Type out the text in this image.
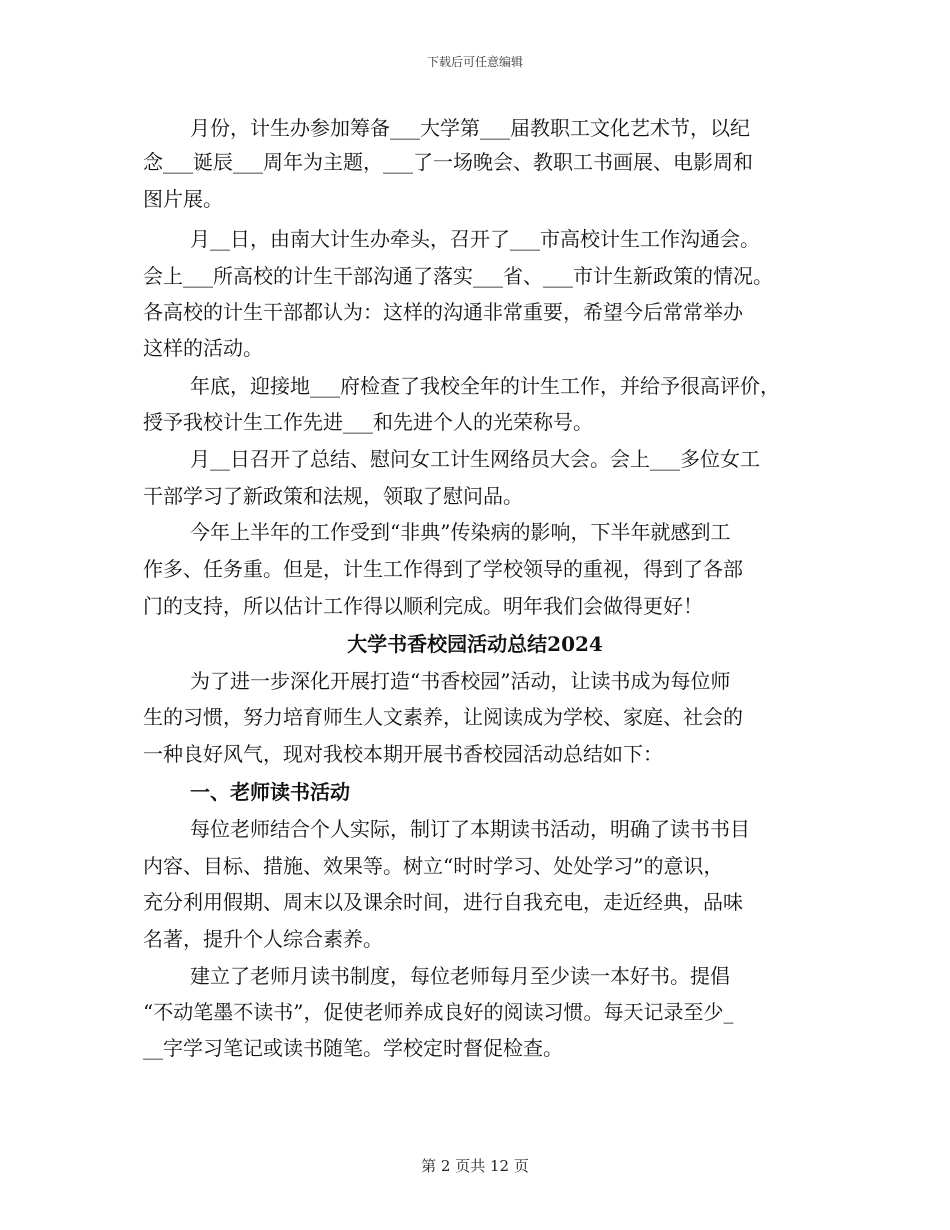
下载后可任意编辑
月份，计生办参加筹备___大学第___届教职工文化艺术节，以纪
念___诞辰___周年为主题，___了一场晚会、教职工书画展、电影周和
图片展。
月__日，由南大计生办牵头，召开了___市高校计生工作沟通会。
会上___所高校的计生干部沟通了落实___省、___市计生新政策的情况。
各高校的计生干部都认为：这样的沟通非常重要，希望今后常常举办
这样的活动。
年底，迎接地___府检查了我校全年的计生工作，并给予很高评价，
授予我校计生工作先进___和先进个人的光荣称号。
月__日召开了总结、慰问女工计生网络员大会。会上___多位女工
干部学习了新政策和法规，领取了慰问品。
今年上半年的工作受到“非典”传染病的影响，下半年就感到工
作多、任务重。但是，计生工作得到了学校领导的重视，得到了各部
门的支持，所以估计工作得以顺利完成。明年我们会做得更好！
大学书香校园活动总结2024
为了进一步深化开展打造“书香校园”活动，让读书成为每位师
生的习惯，努力培育师生人文素养，让阅读成为学校、家庭、社会的
一种良好风气，现对我校本期开展书香校园活动总结如下：
一、老师读书活动
每位老师结合个人实际，制订了本期读书活动，明确了读书书目
内容、目标、措施、效果等。树立“时时学习、处处学习”的意识，
充分利用假期、周末以及课余时间，进行自我充电，走近经典，品味
名著，提升个人综合素养。
建立了老师月读书制度，每位老师每月至少读一本好书。提倡
“不动笔墨不读书”，促使老师养成良好的阅读习惯。每天记录至少_
__字学习笔记或读书随笔。学校定时督促检查。
第 2 页共 12 页
